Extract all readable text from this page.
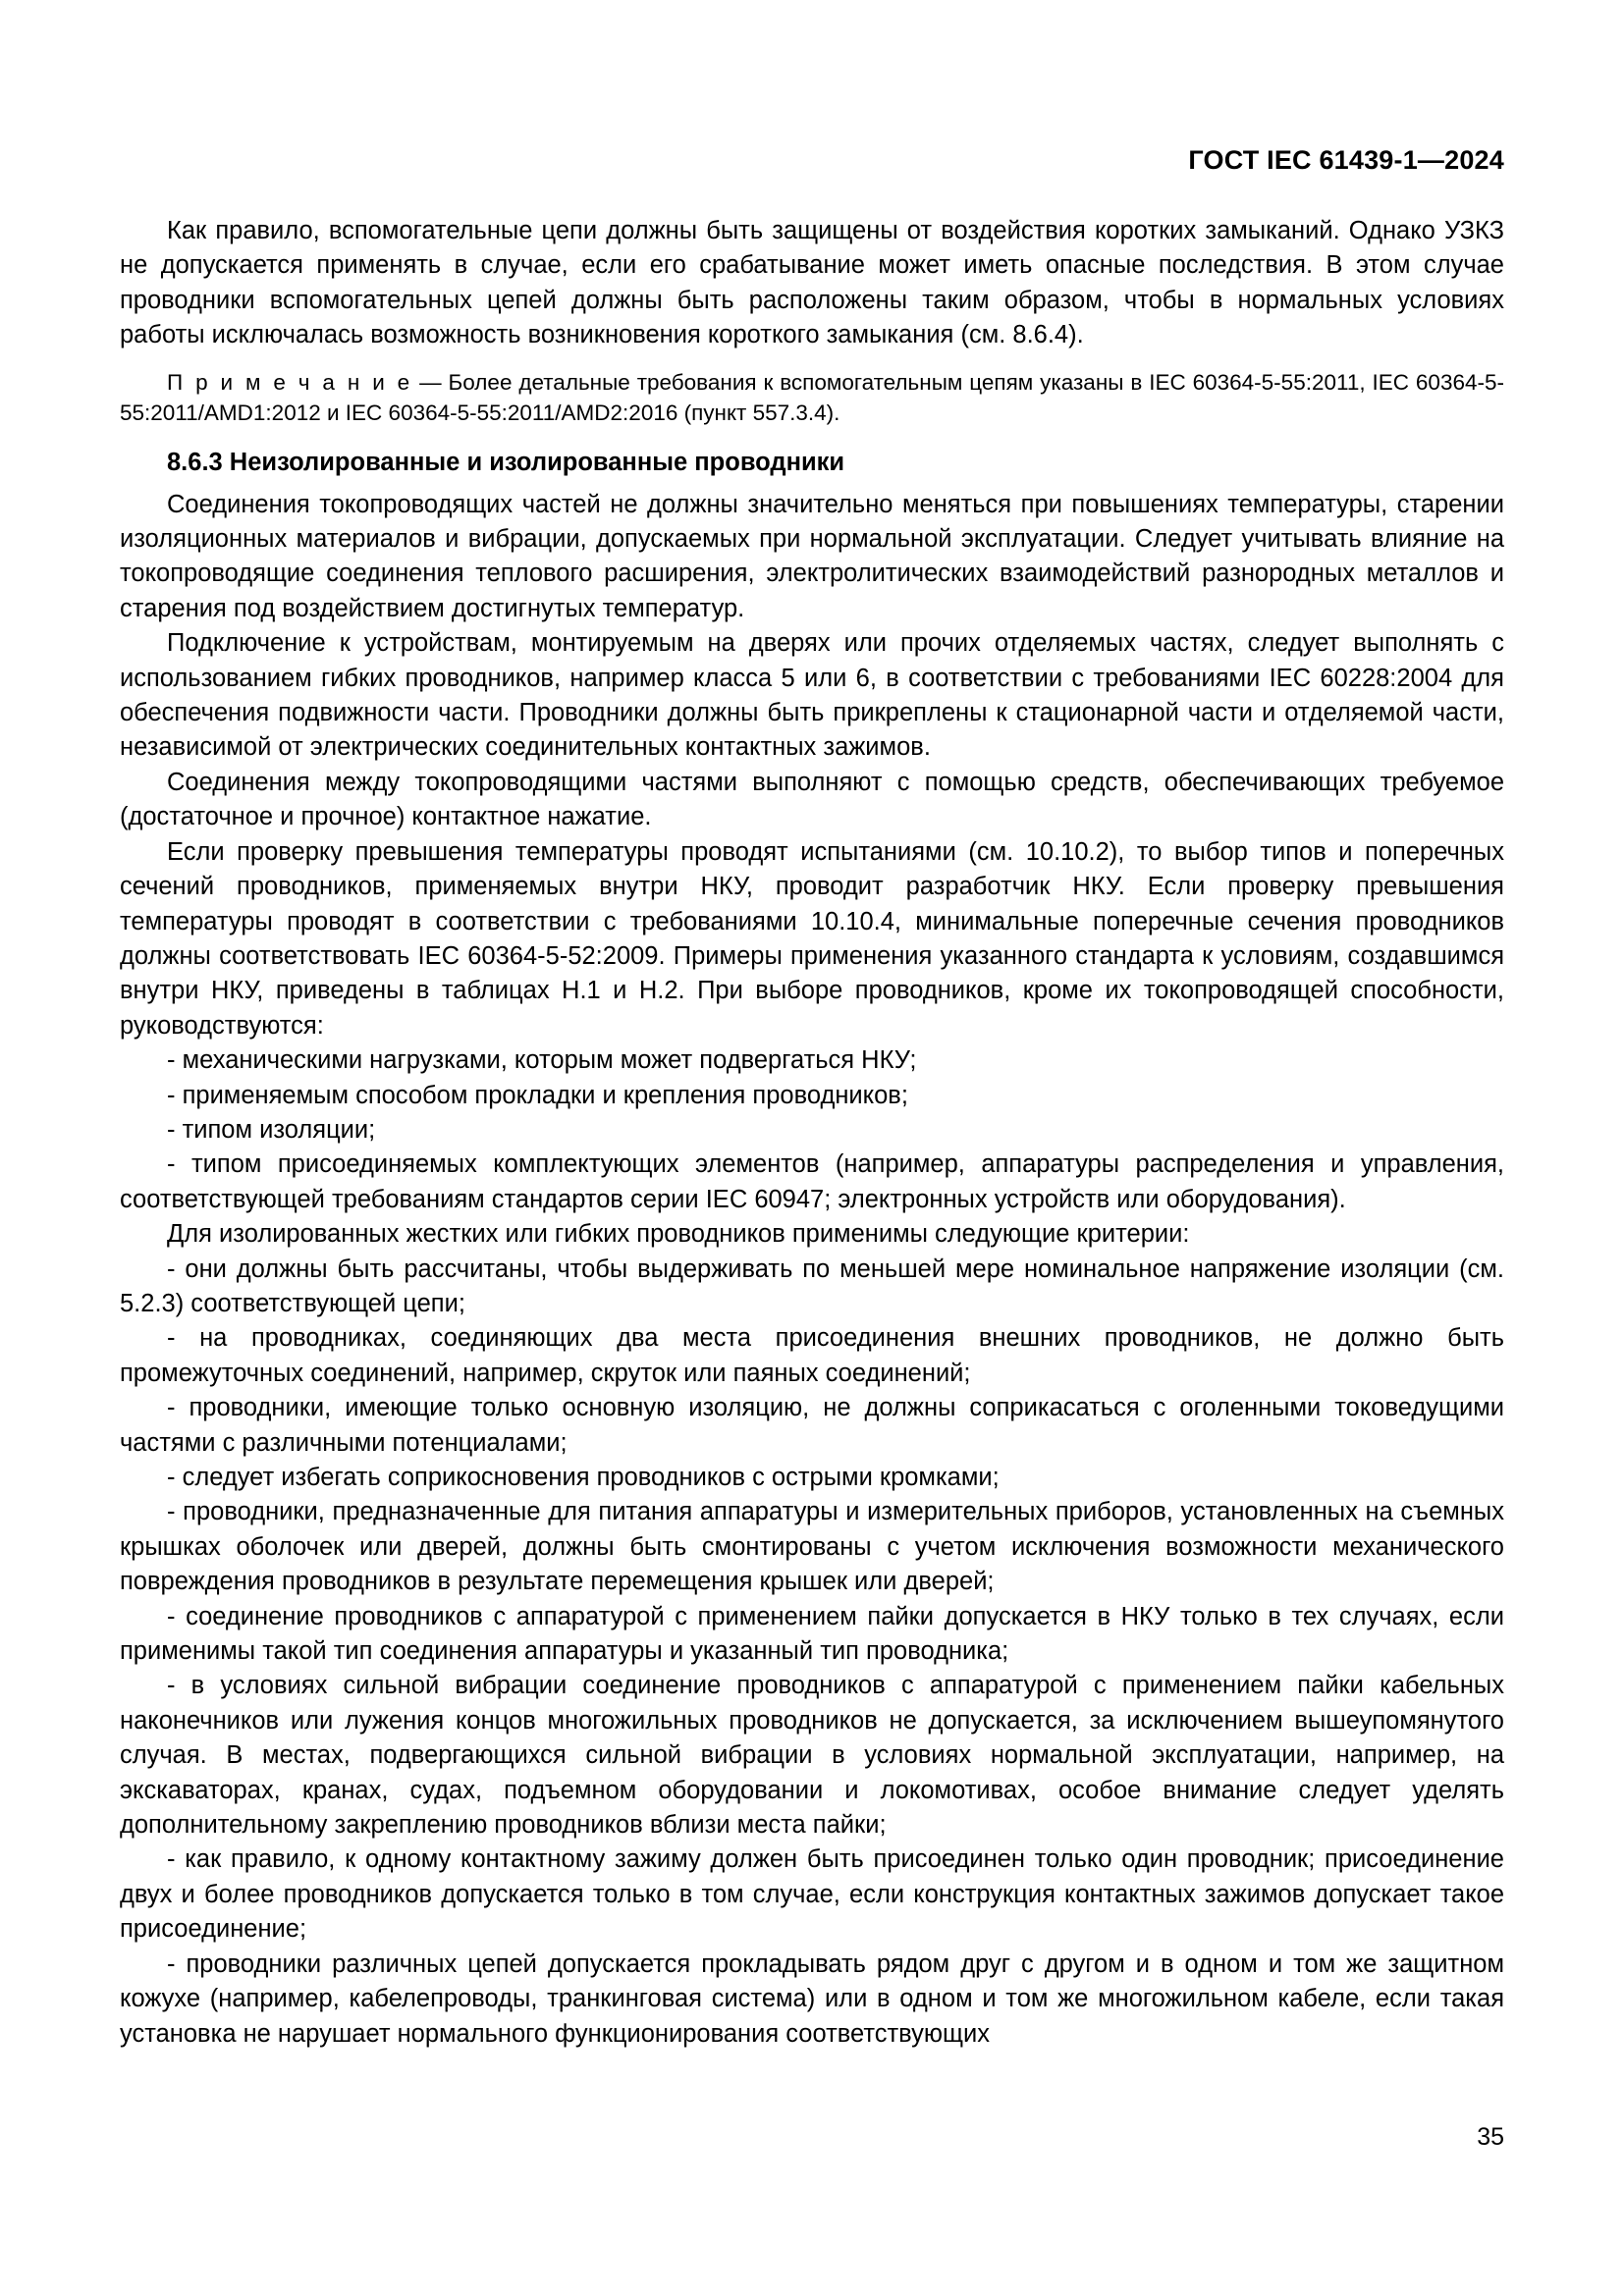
ГОСТ IEC 61439-1—2024

Как правило, вспомогательные цепи должны быть защищены от воздействия коротких замыканий. Однако УЗКЗ не допускается применять в случае, если его срабатывание может иметь опасные последствия. В этом случае проводники вспомогательных цепей должны быть расположены таким образом, чтобы в нормальных условиях работы исключалась возможность возникновения короткого замыкания (см. 8.6.4).

П р и м е ч а н и е — Более детальные требования к вспомогательным цепям указаны в IEC 60364-5-55:2011, IEC 60364-5-55:2011/AMD1:2012 и IEC 60364-5-55:2011/AMD2:2016 (пункт 557.3.4).
8.6.3 Неизолированные и изолированные проводники

Соединения токопроводящих частей не должны значительно меняться при повышениях температуры, старении изоляционных материалов и вибрации, допускаемых при нормальной эксплуатации. Следует учитывать влияние на токопроводящие соединения теплового расширения, электролитических взаимодействий разнородных металлов и старения под воздействием достигнутых температур.

Подключение к устройствам, монтируемым на дверях или прочих отделяемых частях, следует выполнять с использованием гибких проводников, например класса 5 или 6, в соответствии с требованиями IEC 60228:2004 для обеспечения подвижности части. Проводники должны быть прикреплены к стационарной части и отделяемой части, независимой от электрических соединительных контактных зажимов.

Соединения между токопроводящими частями выполняют с помощью средств, обеспечивающих требуемое (достаточное и прочное) контактное нажатие.

Если проверку превышения температуры проводят испытаниями (см. 10.10.2), то выбор типов и поперечных сечений проводников, применяемых внутри НКУ, проводит разработчик НКУ. Если проверку превышения температуры проводят в соответствии с требованиями 10.10.4, минимальные поперечные сечения проводников должны соответствовать IEC 60364-5-52:2009. Примеры применения указанного стандарта к условиям, создавшимся внутри НКУ, приведены в таблицах H.1 и H.2. При выборе проводников, кроме их токопроводящей способности, руководствуются:

- механическими нагрузками, которым может подвергаться НКУ;

- применяемым способом прокладки и крепления проводников;

- типом изоляции;

- типом присоединяемых комплектующих элементов (например, аппаратуры распределения и управления, соответствующей требованиям стандартов серии IEC 60947; электронных устройств или оборудования).

Для изолированных жестких или гибких проводников применимы следующие критерии:

- они должны быть рассчитаны, чтобы выдерживать по меньшей мере номинальное напряжение изоляции (см. 5.2.3) соответствующей цепи;

- на проводниках, соединяющих два места присоединения внешних проводников, не должно быть промежуточных соединений, например, скруток или паяных соединений;

- проводники, имеющие только основную изоляцию, не должны соприкасаться с оголенными токоведущими частями с различными потенциалами;

- следует избегать соприкосновения проводников с острыми кромками;

- проводники, предназначенные для питания аппаратуры и измерительных приборов, установленных на съемных крышках оболочек или дверей, должны быть смонтированы с учетом исключения возможности механического повреждения проводников в результате перемещения крышек или дверей;

- соединение проводников с аппаратурой с применением пайки допускается в НКУ только в тех случаях, если применимы такой тип соединения аппаратуры и указанный тип проводника;

- в условиях сильной вибрации соединение проводников с аппаратурой с применением пайки кабельных наконечников или лужения концов многожильных проводников не допускается, за исключением вышеупомянутого случая. В местах, подвергающихся сильной вибрации в условиях нормальной эксплуатации, например, на экскаваторах, кранах, судах, подъемном оборудовании и локомотивах, особое внимание следует уделять дополнительному закреплению проводников вблизи места пайки;

- как правило, к одному контактному зажиму должен быть присоединен только один проводник; присоединение двух и более проводников допускается только в том случае, если конструкция контактных зажимов допускает такое присоединение;

- проводники различных цепей допускается прокладывать рядом друг с другом и в одном и том же защитном кожухе (например, кабелепроводы, транкинговая система) или в одном и том же многожильном кабеле, если такая установка не нарушает нормального функционирования соответствующих

35
